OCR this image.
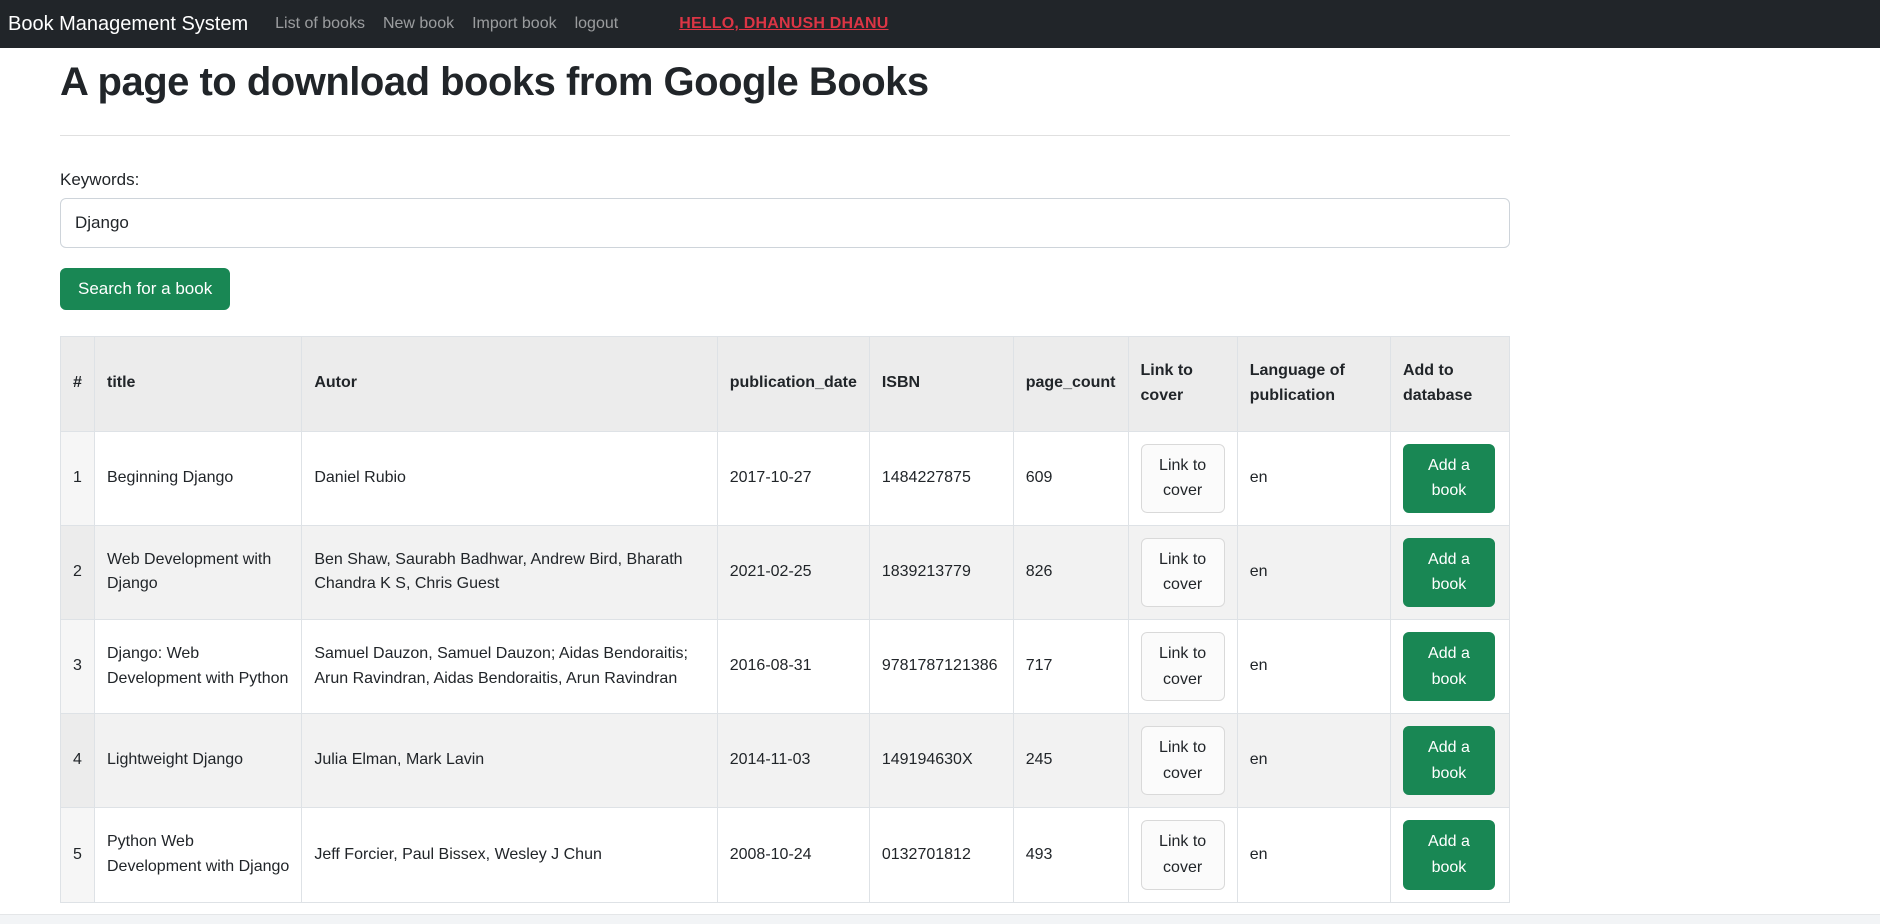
Book Management System	List of books	New book	Import book	logout	HELLO, DHANUSH DHANU
A page to download books from Google Books
Keywords:
Django Search for a book
#	title	Autor	publication_date	ISBN	page_count	Link to cover	Language of publication	Add to database
1	Beginning Django	Daniel Rubio	2017-10-27	1484227875	609	Link to cover	en	Add a book
2	Web Development with Django	Ben Shaw, Saurabh Badhwar, Andrew Bird, Bharath Chandra K S, Chris Guest	2021-02-25	1839213779	826	Link to cover	en	Add a book
3	Django: Web Development with Python	Samuel Dauzon, Samuel Dauzon; Aidas Bendoraitis; Arun Ravindran, Aidas Bendoraitis, Arun Ravindran	2016-08-31	9781787121386	717	Link to cover	en	Add a book
4	Lightweight Django	Julia Elman, Mark Lavin	2014-11-03	149194630X	245	Link to cover	en	Add a book
5	Python Web Development with Django	Jeff Forcier, Paul Bissex, Wesley J Chun	2008-10-24	0132701812	493	Link to cover	en	Add a book
